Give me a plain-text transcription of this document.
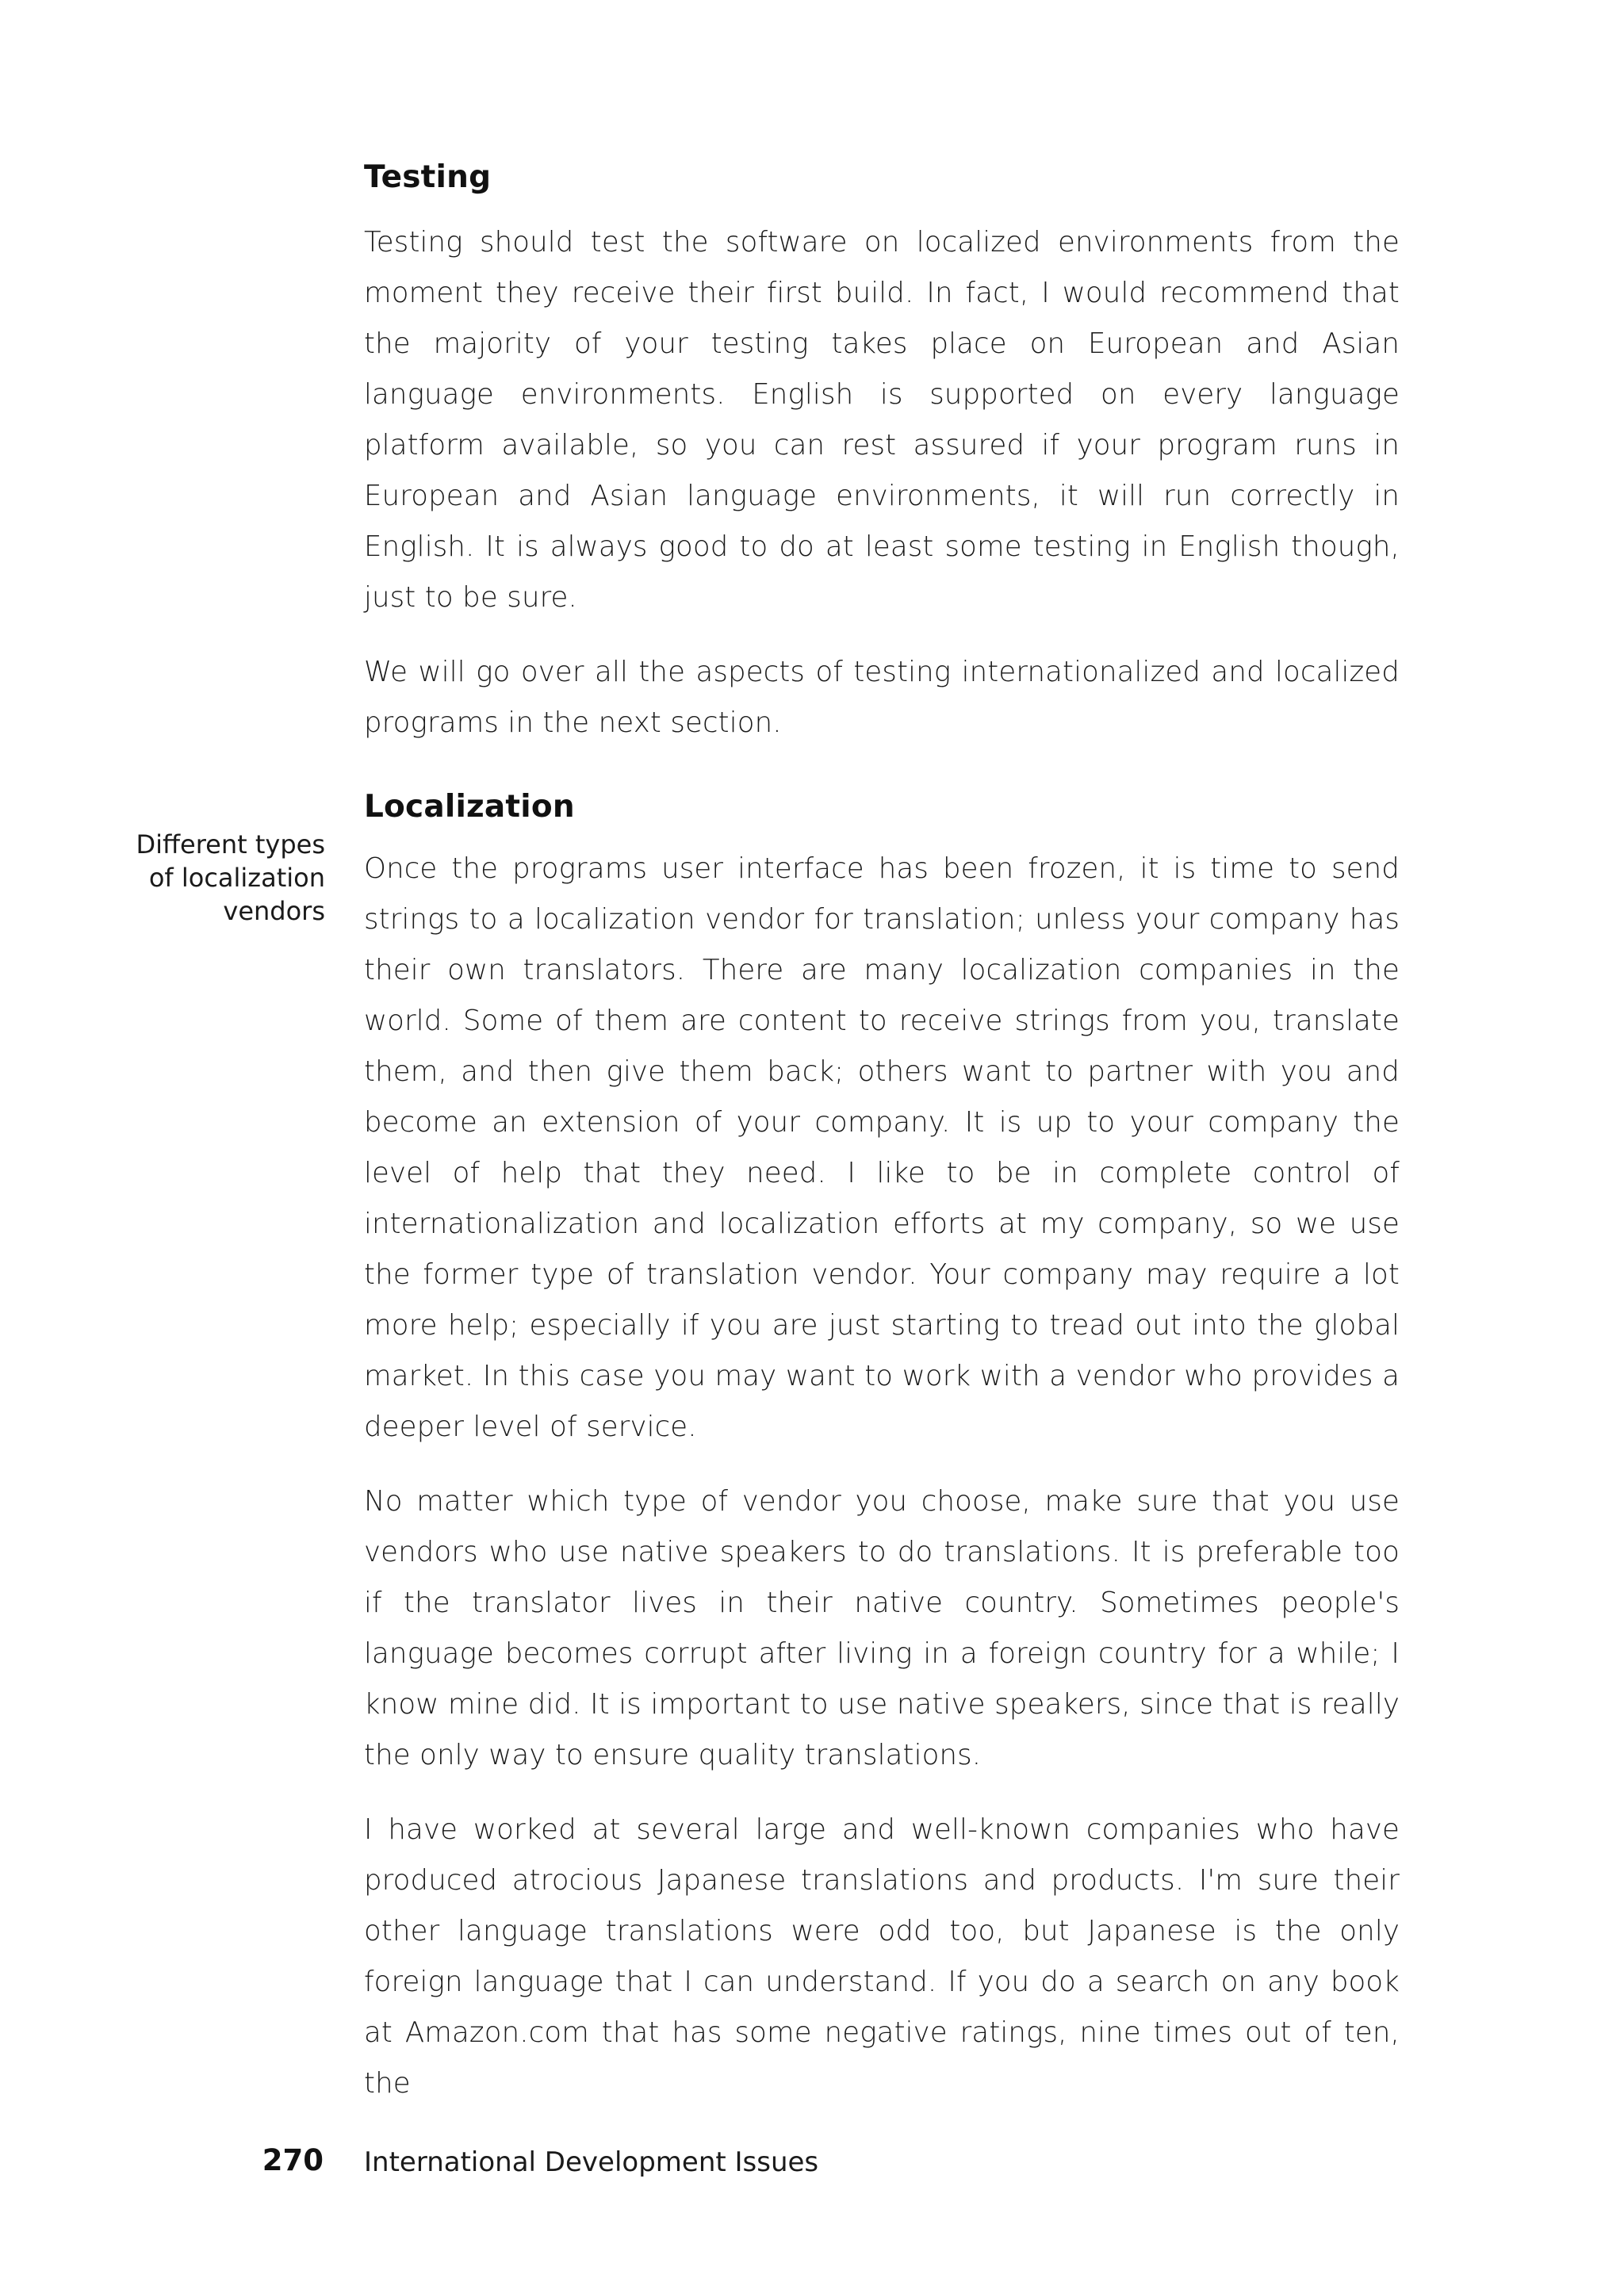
Testing

Testing should test the software on localized environments from the moment they receive their first build. In fact, I would recommend that the majority of your testing takes place on European and Asian language environments. English is supported on every language platform available, so you can rest assured if your program runs in European and Asian language environments, it will run correctly in English. It is always good to do at least some testing in English though, just to be sure.

We will go over all the aspects of testing internationalized and localized programs in the next section.

Localization

Once the programs user interface has been frozen, it is time to send strings to a localization vendor for translation; unless your company has their own translators. There are many localization companies in the world. Some of them are content to receive strings from you, translate them, and then give them back; others want to partner with you and become an extension of your company. It is up to your company the level of help that they need. I like to be in complete control of internationalization and localization efforts at my company, so we use the former type of translation vendor. Your company may require a lot more help; especially if you are just starting to tread out into the global market. In this case you may want to work with a vendor who provides a deeper level of service.

No matter which type of vendor you choose, make sure that you use vendors who use native speakers to do translations. It is preferable too if the translator lives in their native country. Sometimes people's language becomes corrupt after living in a foreign country for a while; I know mine did. It is important to use native speakers, since that is really the only way to ensure quality translations.

I have worked at several large and well-known companies who have produced atrocious Japanese translations and products. I'm sure their other language translations were odd too, but Japanese is the only foreign language that I can understand. If you do a search on any book at Amazon.com that has some negative ratings, nine times out of ten, the

Different types
of localization
vendors
270 International Development Issues
